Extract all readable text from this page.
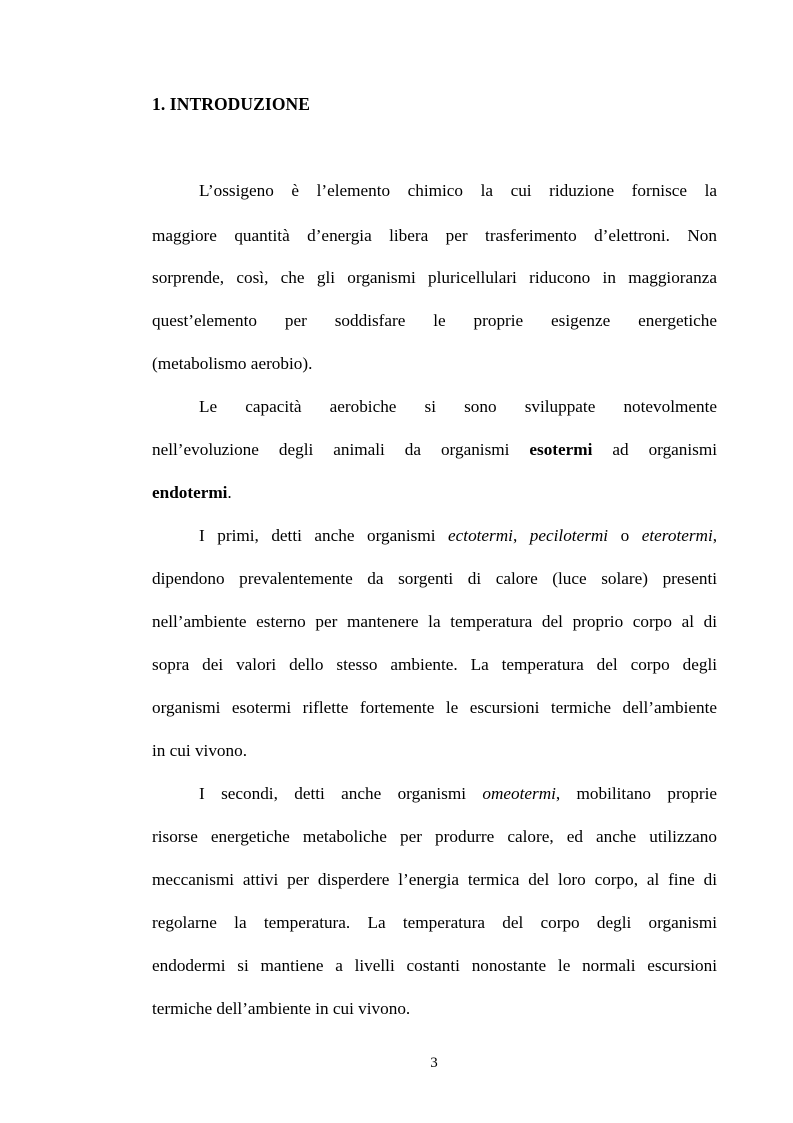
1. INTRODUZIONE
L’ossigeno è l’elemento chimico la cui riduzione fornisce la
maggiore quantità d’energia libera per trasferimento d’elettroni. Non
sorprende, così, che gli organismi pluricellulari riducono in maggioranza
quest’elemento per soddisfare le proprie esigenze energetiche
(metabolismo aerobio).
Le capacità aerobiche si sono sviluppate notevolmente
nell’evoluzione degli animali da organismi esotermi ad organismi
endotermi.
I primi, detti anche organismi ectotermi, pecilotermi o eterotermi,
dipendono prevalentemente da sorgenti di calore (luce solare) presenti
nell’ambiente esterno per mantenere la temperatura del proprio corpo al di
sopra dei valori dello stesso ambiente. La temperatura del corpo degli
organismi esotermi riflette fortemente le escursioni termiche dell’ambiente
in cui vivono.
I secondi, detti anche organismi omeotermi, mobilitano proprie
risorse energetiche metaboliche per produrre calore, ed anche utilizzano
meccanismi attivi per disperdere l’energia termica del loro corpo, al fine di
regolarne la temperatura. La temperatura del corpo degli organismi
endodermi si mantiene a livelli costanti nonostante le normali escursioni
termiche dell’ambiente in cui vivono.
3
